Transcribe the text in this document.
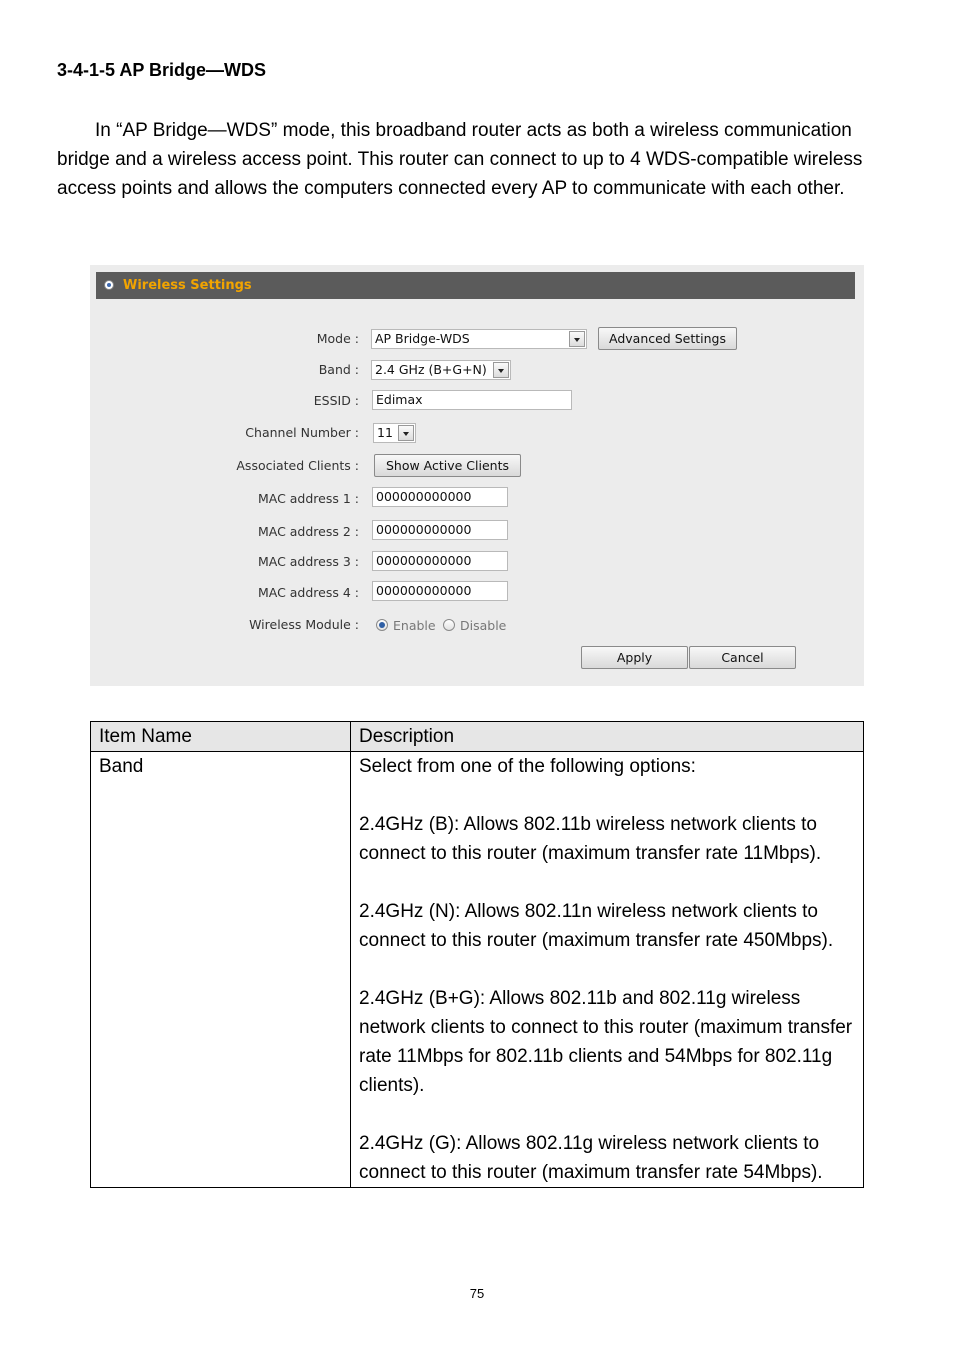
3-4-1-5 AP Bridge—WDS

In “AP Bridge—WDS” mode, this broadband router acts as both a wireless communication bridge and a wireless access point. This router can connect to up to 4 WDS-compatible wireless access points and allows the computers connected every AP to communicate with each other.

Wireless Settings
Mode :	AP Bridge-WDS	Advanced Settings
Band :	2.4 GHz (B+G+N)
ESSID :	Edimax
Channel Number :	11
Associated Clients :	Show Active Clients
MAC address 1 :	000000000000
MAC address 2 :	000000000000
MAC address 3 :	000000000000
MAC address 4 :	000000000000
Wireless Module :	Enable Disable
Apply	Cancel
Item Name	Description
Band	Select from one of the following options:
2.4GHz (B): Allows 802.11b wireless network clients to connect to this router (maximum transfer rate 11Mbps).
2.4GHz (N): Allows 802.11n wireless network clients to connect to this router (maximum transfer rate 450Mbps).
2.4GHz (B+G): Allows 802.11b and 802.11g wireless network clients to connect to this router (maximum transfer rate 11Mbps for 802.11b clients and 54Mbps for 802.11g clients).
2.4GHz (G): Allows 802.11g wireless network clients to connect to this router (maximum transfer rate 54Mbps).
75
